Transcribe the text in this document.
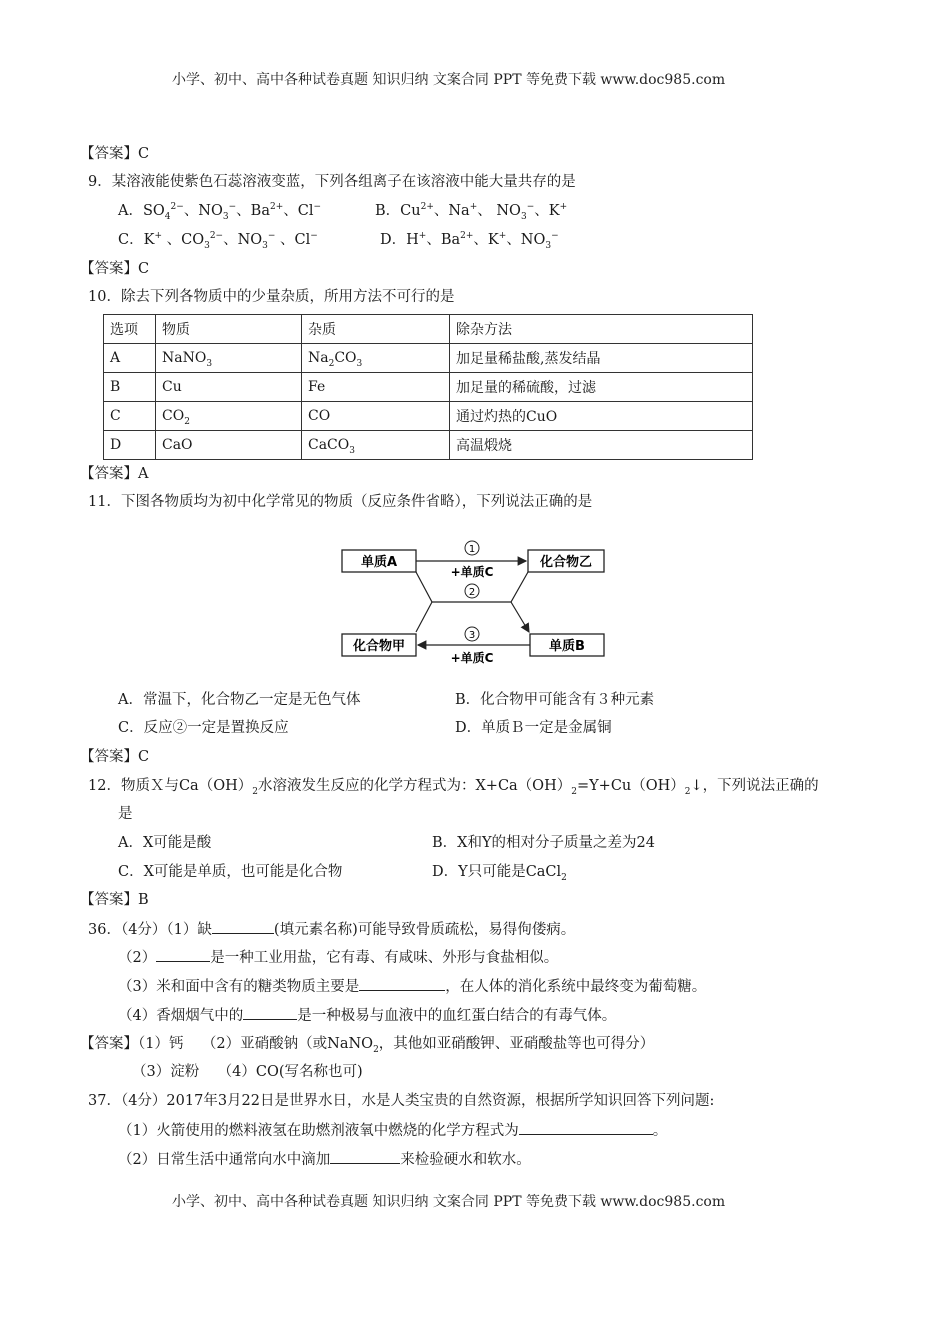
小学、初中、高中各种试卷真题 知识归纳 文案合同 PPT 等免费下载 www.doc985.com
【答案】C
9．某溶液能使紫色石蕊溶液变蓝，下列各组离子在该溶液中能大量共存的是
A．$SO_4^{2-}$、$NO_3^-$、$Ba^{2+}$、Cl−	B．$Cu^{2+}$、Na+、 $NO_3^-$、K+
C．K+ 、$CO_3^{2-}$、$NO_3^-$ 、Cl−	D．H+、$Ba^{2+}$、K+、$NO_3^-$
【答案】C
10．除去下列各物质中的少量杂质，所用方法不可行的是
选项	物质	杂质	除杂方法
A	NaNO$_3$	$Na_2CO_3$	加足量稀盐酸,蒸发结晶
B	Cu	Fe	加足量的稀硫酸，过滤
C	$CO_2$	CO	通过灼热的CuO
D	CaO	CaCO$_3$	高温煅烧
【答案】A
11．下图各物质均为初中化学常见的物质（反应条件省略），下列说法正确的是
单质A	化合物乙
化合物甲	单质B
1
+单质C
2
3
+单质C
A．常温下，化合物乙一定是无色气体	B．化合物甲可能含有３种元素
C．反应②一定是置换反应	D．单质Ｂ一定是金属铜
【答案】C
12．物质Ｘ与$Ca(OH)_2$水溶液发生反应的化学方程式为：$X+Ca(OH)_2=Y+Cu(OH)_2↓$，下列说法正确的
是
A．X可能是酸	B．X和Y的相对分子质量之差为24
C．X可能是单质，也可能是化合物	D．Y只可能是CaCl$_2$
【答案】B
36．（4分）（1）缺	(填元素名称)可能导致骨质疏松，易得佝偻病。
（2）	是一种工业用盐，它有毒、有咸味、外形与食盐相似。
（3）米和面中含有的糖类物质主要是	，在人体的消化系统中最终变为葡萄糖。
（4）香烟烟气中的	是一种极易与血液中的血红蛋白结合的有毒气体。
【答案】（1）钙 （2）亚硝酸钠（或NaNO$_2$，其他如亚硝酸钾、亚硝酸盐等也可得分）
（3）淀粉 （4）CO(写名称也可)
37．（4分）2017年3月22日是世界水日，水是人类宝贵的自然资源，根据所学知识回答下列问题:
（1）火箭使用的燃料液氢在助燃剂液氧中燃烧的化学方程式为	。
（2）日常生活中通常向水中滴加	来检验硬水和软水。
小学、初中、高中各种试卷真题 知识归纳 文案合同 PPT 等免费下载 www.doc985.com
